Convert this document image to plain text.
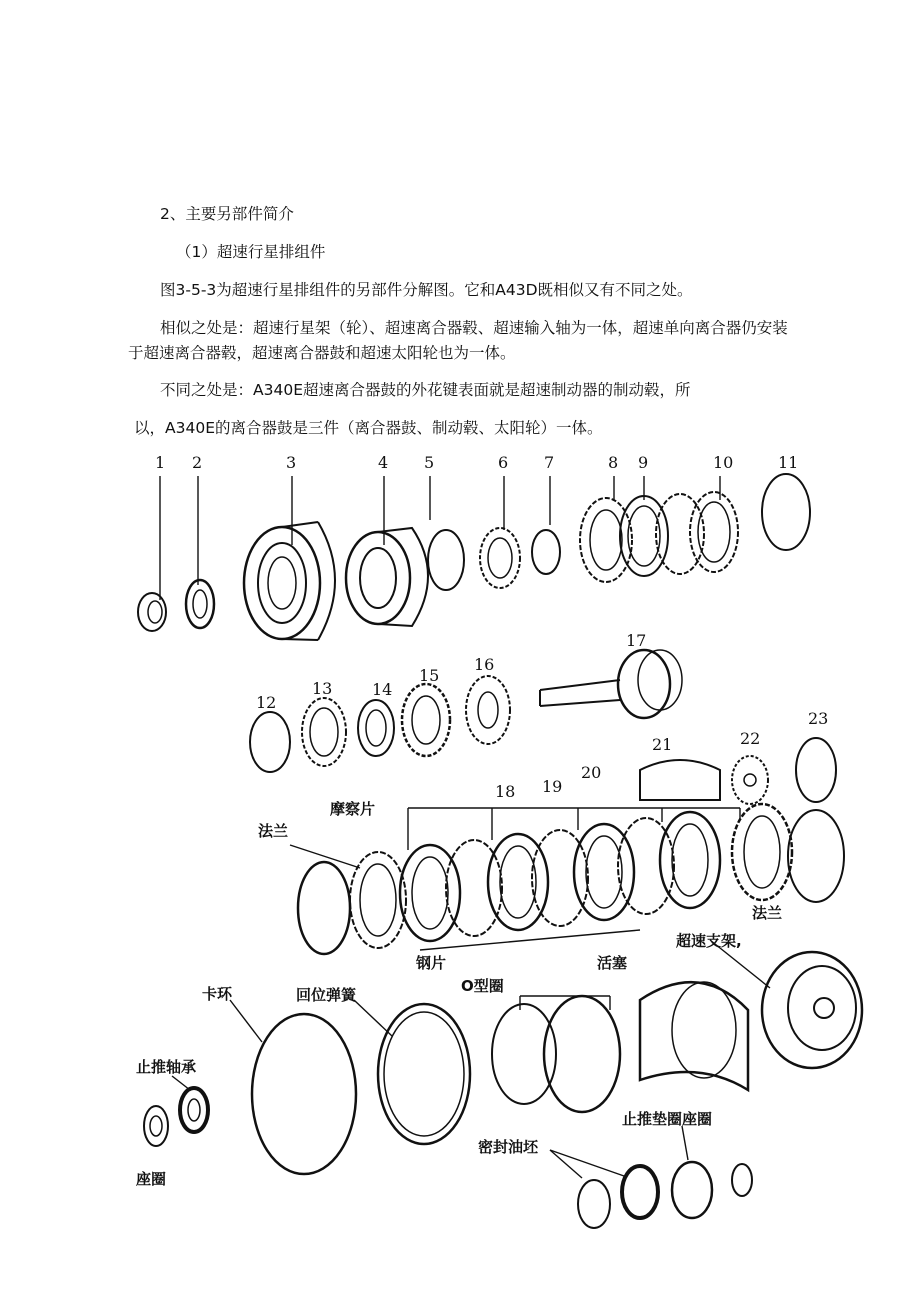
2、主要另部件简介

（1）超速行星排组件

图3-5-3为超速行星排组件的另部件分解图。它和A43D既相似又有不同之处。

相似之处是：超速行星架（轮）、超速离合器毂、超速输入轴为一体，超速单向离合器仍安装于超速离合器毂，超速离合器鼓和超速太阳轮也为一体。

不同之处是：A340E超速离合器鼓的外花键表面就是超速制动器的制动毂，所

以，A340E的离合器鼓是三件（离合器鼓、制动毂、太阳轮）一体。

1 2	3	4 5	6 7	8 9	10	11
12
13 14
15
16
17
21	22
23
18 19
20
摩察片
法兰
法兰
超速支架,
钢片	活塞
O型圈
卡环	回位弹簧
止推轴承
座圈
密封油坯
止推垫圈座圈
